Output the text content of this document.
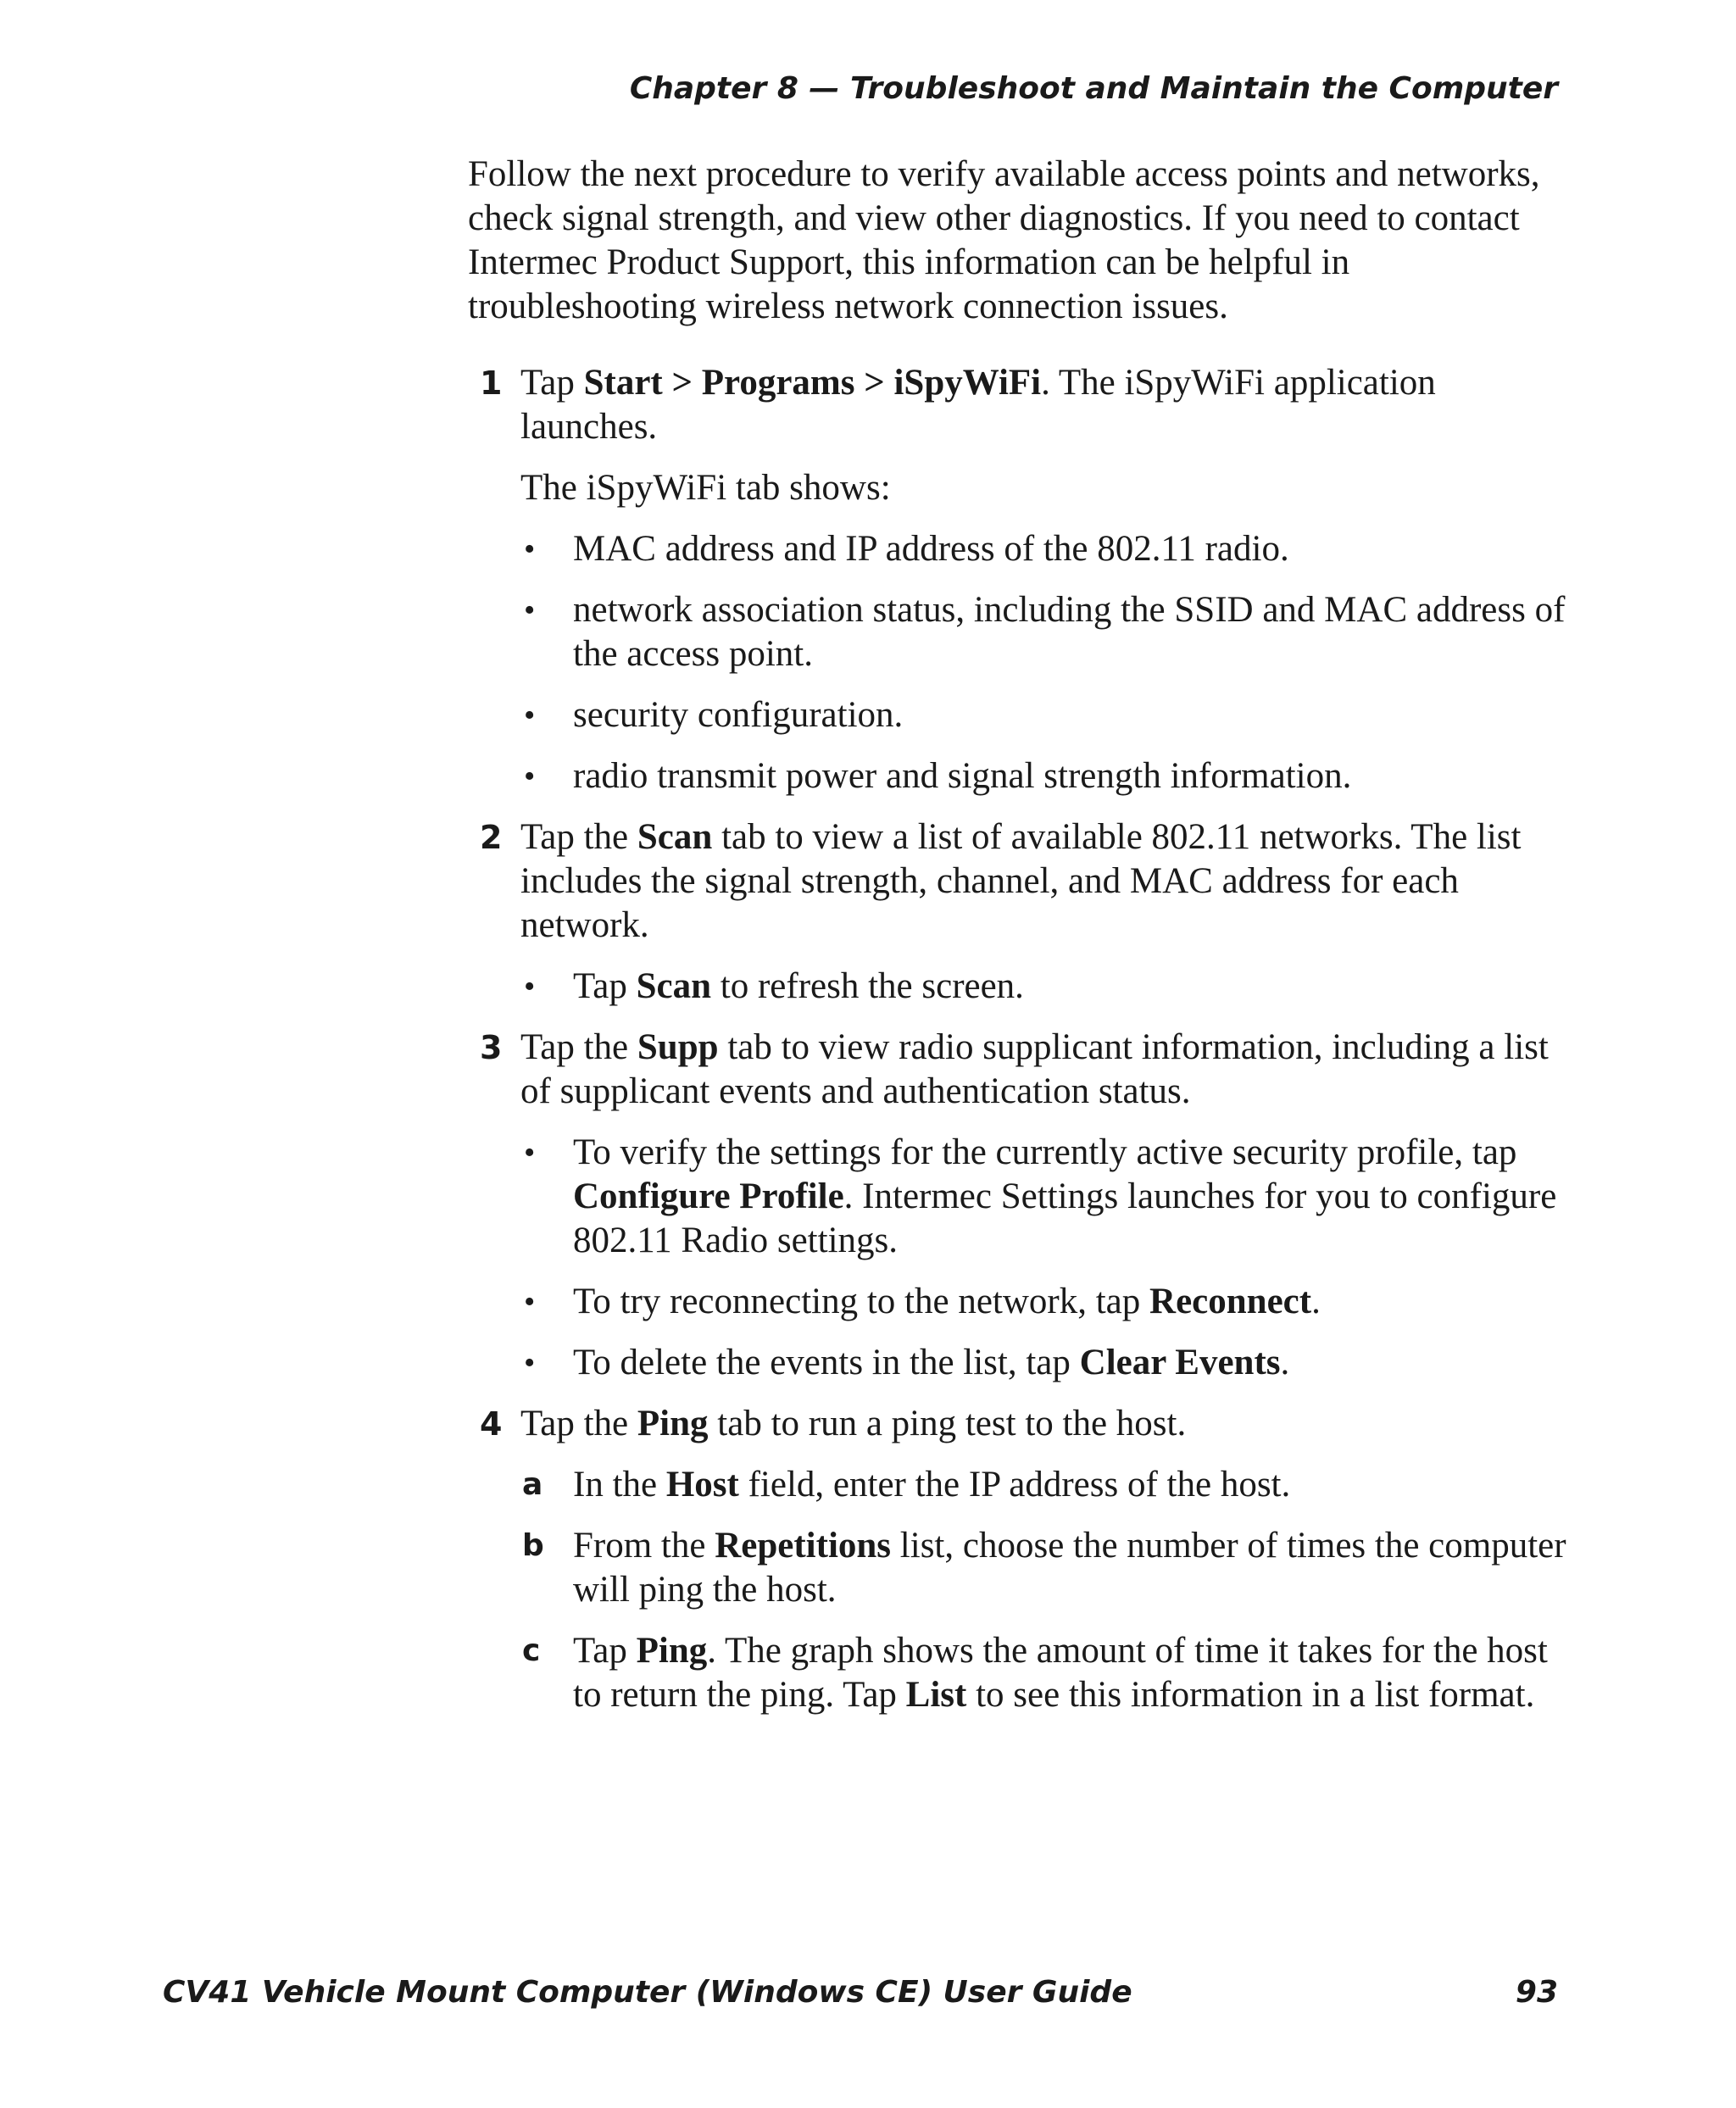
Chapter 8 — Troubleshoot and Maintain the Computer

Follow the next procedure to verify available access points and networks, check signal strength, and view other diagnostics. If you need to contact Intermec Product Support, this information can be helpful in troubleshooting wireless network connection issues.

1 Tap Start > Programs > iSpyWiFi. The iSpyWiFi application launches.

The iSpyWiFi tab shows:

• MAC address and IP address of the 802.11 radio.
• network association status, including the SSID and MAC address of the access point.
• security configuration.
• radio transmit power and signal strength information.
2 Tap the Scan tab to view a list of available 802.11 networks. The list includes the signal strength, channel, and MAC address for each network.

• Tap Scan to refresh the screen.
3 Tap the Supp tab to view radio supplicant information, including a list of supplicant events and authentication status.

• To verify the settings for the currently active security profile, tap Configure Profile. Intermec Settings launches for you to configure 802.11 Radio settings.
• To try reconnecting to the network, tap Reconnect.
• To delete the events in the list, tap Clear Events.
4 Tap the Ping tab to run a ping test to the host.

a In the Host field, enter the IP address of the host.
b From the Repetitions list, choose the number of times the computer will ping the host.
c Tap Ping. The graph shows the amount of time it takes for the host to return the ping. Tap List to see this information in a list format.
CV41 Vehicle Mount Computer (Windows CE) User Guide	93
